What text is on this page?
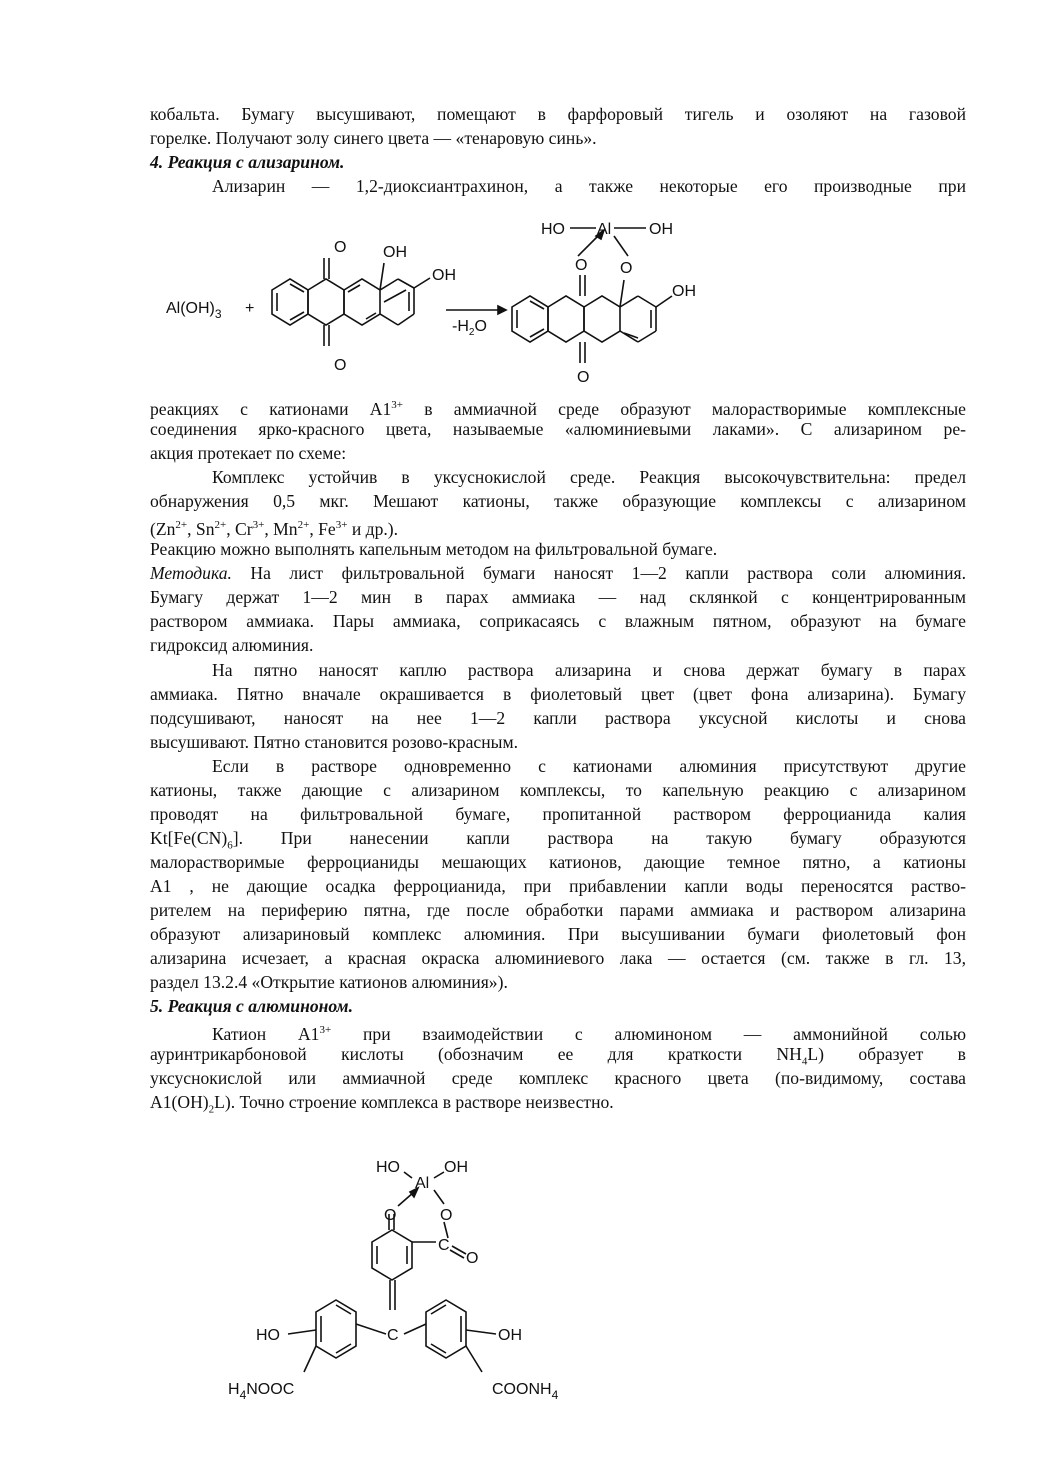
кобальта. Бумагу высушивают, помещают в фарфоровый тигель и озоляют на газовой

горелке. Получают золу синего цвета — «тенаровую синь».

4. Реакция с ализарином.

Ализарин — 1,2-диоксиантрахинон, а также некоторые его производные при

$Al(OH)_3$ +
O
O
OH
OH
$-H_2O$
HO Al OH
O O
OH
O

реакциях с катионами $А1^{3+}$ в аммиачной среде образуют малорастворимые комплексные

соединения ярко-красного цвета, называемые «алюминиевыми лаками». С ализарином ре-

акция протекает по схеме:

Комплекс устойчив в уксуснокислой среде. Реакция высокочувствительна: предел

обнаружения 0,5 мкг. Мешают катионы, также образующие комплексы с ализарином

($Zn^{2+}$, $Sn^{2+}$, $Cr^{3+}$, $Mn^{2+}$, $Fe^{3+}$ и др.).

Реакцию можно выполнять капельным методом на фильтровальной бумаге.

Методика. На лист фильтровальной бумаги наносят 1—2 капли раствора соли алюминия.

Бумагу держат 1—2 мин в парах аммиака — над склянкой с концентрированным

раствором аммиака. Пары аммиака, соприкасаясь с влажным пятном, образуют на бумаге

гидроксид алюминия.

На пятно наносят каплю раствора ализарина и снова держат бумагу в парах

аммиака. Пятно вначале окрашивается в фиолетовый цвет (цвет фона ализарина). Бумагу

подсушивают, наносят на нее 1—2 капли раствора уксусной кислоты и снова

высушивают. Пятно становится розово-красным.

Если в растворе одновременно с катионами алюминия присутствуют другие

катионы, также дающие с ализарином комплексы, то капельную реакцию с ализарином

проводят на фильтровальной бумаге, пропитанной раствором ферроцианида калия

$Kt[Fe(CN)_6]$. При нанесении капли раствора на такую бумагу образуются

малорастворимые ферроцианиды мешающих катионов, дающие темное пятно, а катионы

А1 , не дающие осадка ферроцианида, при прибавлении капли воды переносятся раство-

рителем на периферию пятна, где после обработки парами аммиака и раствором ализарина

образуют ализариновый комплекс алюминия. При высушивании бумаги фиолетовый фон

ализарина исчезает, а красная окраска алюминиевого лака — остается (см. также в гл. 13,

раздел 13.2.4 «Открытие катионов алюминия»).

5. Реакция с алюминоном.

Катион $А1^{3+}$ при взаимодействии с алюминоном — аммонийной солью

ауринтрикарбоновой кислоты (обозначим ее для краткости $NH_4L$) образует в

уксуснокислой или аммиачной среде комплекс красного цвета (по-видимому, состава

$А1(ОН)_2L$). Точно строение комплекса в растворе неизвестно.

HO
Al
OH
O	O
C
O
C
HO	OH
$H_4NOOC$	$COONH_4$
